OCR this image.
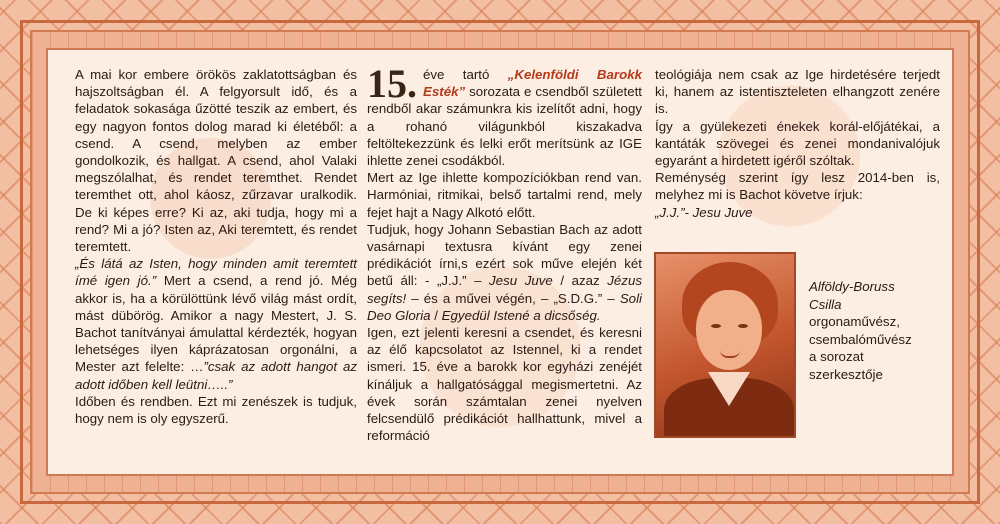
A mai kor embere örökös zaklatottságban és hajszoltságban él. A felgyorsult idő, és a feladatok sokasága űzötté teszik az embert, és egy nagyon fontos dolog marad ki életéből: a csend. A csend, melyben az ember gondolkozik, és hallgat. A csend, ahol Valaki megszólalhat, és rendet teremthet. Rendet teremthet ott, ahol káosz, zűrzavar uralkodik. De ki képes erre? Ki az, aki tudja, hogy mi a rend? Mi a jó? Isten az, Aki teremtett, és rendet teremtett.
„És látá az Isten, hogy minden amit teremtett ímé igen jó.” Mert a csend, a rend jó. Még akkor is, ha a körülöttünk lévő világ mást ordít, mást dübörög. Amikor a nagy Mestert, J. S. Bachot tanítványai ámulattal kérdezték, hogyan lehetséges ilyen káprázatosan orgonálni, a Mester azt felelte: …”csak az adott hangot az adott időben kell leütni…..”
Időben és rendben. Ezt mi zenészek is tudjuk, hogy nem is oly egyszerű.

15. éve tartó „Kelenföldi Barokk Esték” sorozata e csendből született rendből akar számunkra kis izelítőt adni, hogy a rohanó világunkból kiszakadva feltöltekezzünk és lelki erőt merítsünk az IGE ihlette zenei csodákból.
Mert az Ige ihlette kompozíciókban rend van. Harmóniai, ritmikai, belső tartalmi rend, mely fejet hajt a Nagy Alkotó előtt.
Tudjuk, hogy Johann Sebastian Bach az adott vasárnapi textusra kívánt egy zenei prédikációt írni,s ezért sok műve elején két betű áll: - „J.J.” – Jesu Juve / azaz Jézus segíts! – és a művei végén, – „S.D.G.” – Soli Deo Gloria / Egyedül Istené a dicsőség.
Igen, ezt jelenti keresni a csendet, és keresni az élő kapcsolatot az Istennel, ki a rendet ismeri. 15. éve a barokk kor egyházi zenéjét kínáljuk a hallgatósággal megismertetni. Az évek során számtalan zenei nyelven felcsendülő prédikációt hallhattunk, mivel a reformáció

teológiája nem csak az Ige hirdetésére terjedt ki, hanem az istentiszteleten elhangzott zenére is.
Így a gyülekezeti énekek korál-előjátékai, a kantáták szövegei és zenei mondanivalójuk egyaránt a hirdetett igéről szóltak.
Reménység szerint így lesz 2014-ben is, melyhez mi is Bachot követve írjuk:
„J.J.”- Jesu Juve

Alföldy-Boruss
Csilla
orgonaművész,
csembalóművész
a sorozat
szerkesztője
